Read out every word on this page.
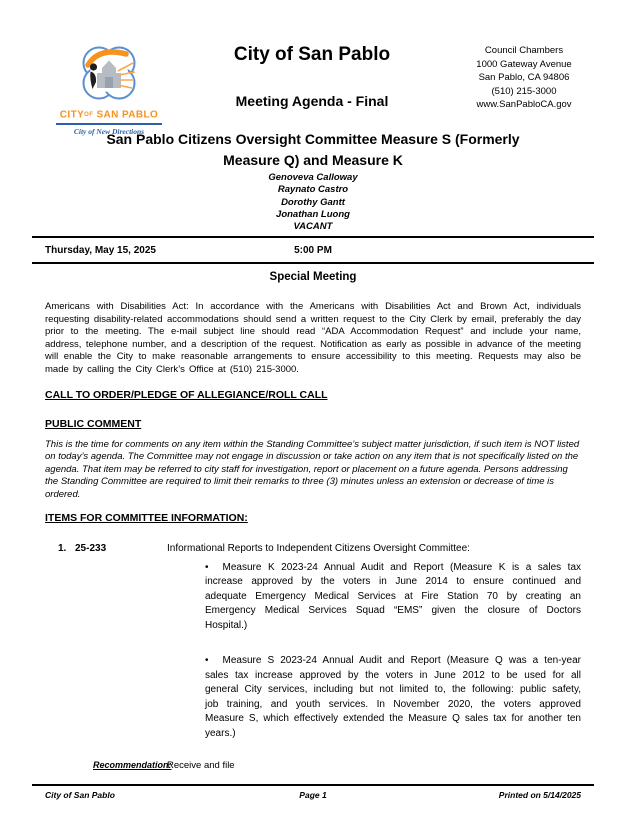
CITYOF SAN PABLO
City of New Directions
City of San Pablo
Meeting Agenda - Final
Council Chambers
1000 Gateway Avenue
San Pablo, CA 94806
(510) 215-3000
www.SanPabloCA.gov
San Pablo Citizens Oversight Committee Measure S (Formerly
Measure Q) and Measure K
Genoveva Calloway
Raynato Castro
Dorothy Gantt
Jonathan Luong
VACANT
Thursday, May 15, 2025	5:00 PM
Special Meeting

Americans with Disabilities Act: In accordance with the Americans with Disabilities Act and Brown Act, individuals requesting disability-related accommodations should send a written request to the City Clerk by email, preferably the day prior to the meeting. The e-mail subject line should read “ADA Accommodation Request” and include your name, address, telephone number, and a description of the request. Notification as early as possible in advance of the meeting will enable the City to make reasonable arrangements to ensure accessibility to this meeting. Requests may also be made by calling the City Clerk’s Office at (510) 215-3000.

CALL TO ORDER/PLEDGE OF ALLEGIANCE/ROLL CALL
PUBLIC COMMENT

This is the time for comments on any item within the Standing Committee’s subject matter jurisdiction, if such item is NOT listed on today’s agenda. The Committee may not engage in discussion or take action on any item that is not specifically listed on the agenda. That item may be referred to city staff for investigation, report or placement on a future agenda. Persons addressing the Standing Committee are required to limit their remarks to three (3) minutes unless an extension or decrease of time is ordered.

ITEMS FOR COMMITTEE INFORMATION:
1. 25-233	Informational Reports to Independent Citizens Oversight Committee:

• Measure K 2023-24 Annual Audit and Report (Measure K is a sales tax increase approved by the voters in June 2014 to ensure continued and adequate Emergency Medical Services at Fire Station 70 by creating an Emergency Medical Services Squad “EMS” given the closure of Doctors Hospital.)

• Measure S 2023-24 Annual Audit and Report (Measure Q was a ten-year sales tax increase approved by the voters in June 2012 to be used for all general City services, including but not limited to, the following: public safety, job training, and youth services. In November 2020, the voters approved Measure S, which effectively extended the Measure Q sales tax for another ten years.)

Recommendation:
Receive and file
City of San Pablo	Page 1	Printed on 5/14/2025
